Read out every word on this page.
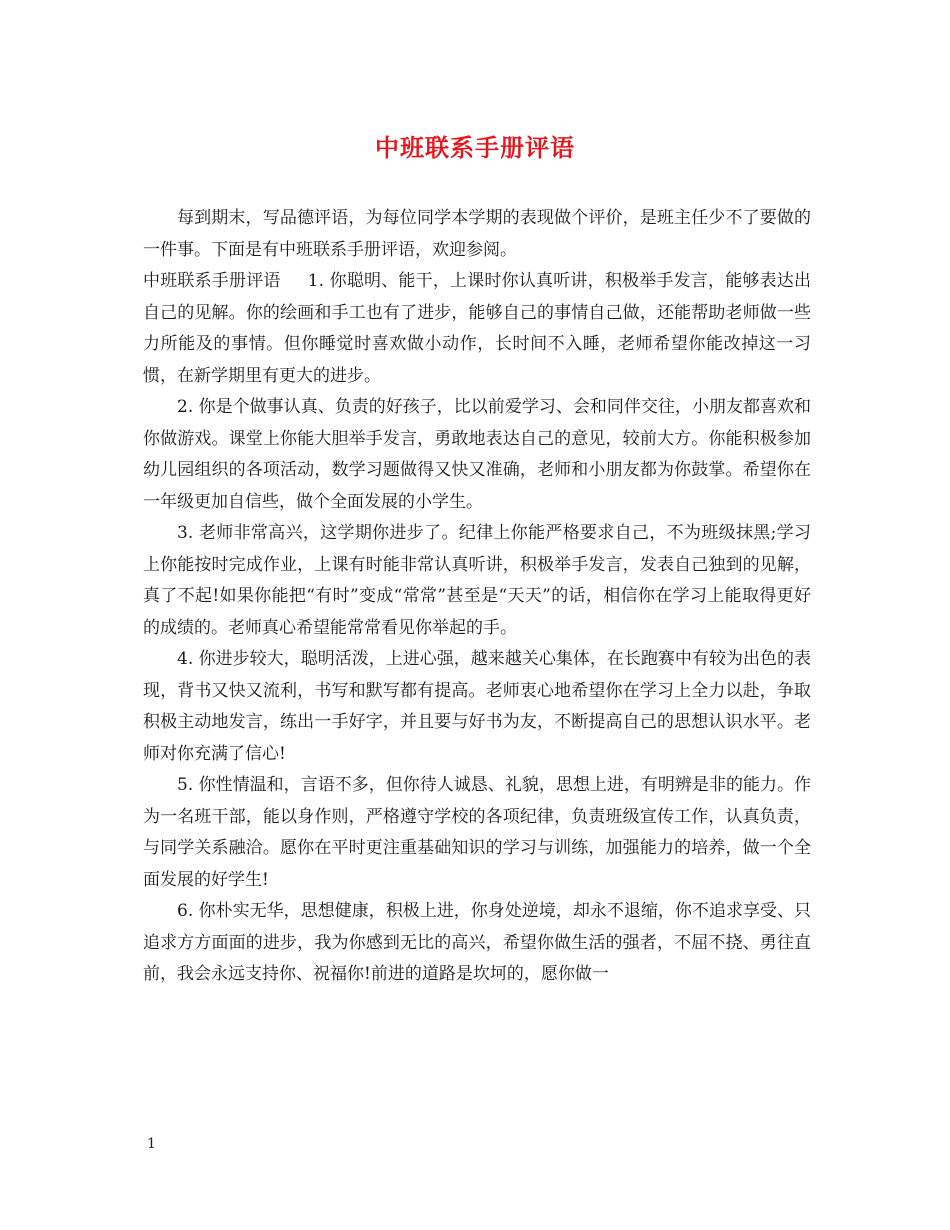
中班联系手册评语

每到期末，写品德评语，为每位同学本学期的表现做个评价，是班主任少不了要做的一件事。下面是有中班联系手册评语，欢迎参阅。

中班联系手册评语 1. 你聪明、能干，上课时你认真听讲，积极举手发言，能够表达出自己的见解。你的绘画和手工也有了进步，能够自己的事情自己做，还能帮助老师做一些力所能及的事情。但你睡觉时喜欢做小动作，长时间不入睡，老师希望你能改掉这一习惯，在新学期里有更大的进步。

2. 你是个做事认真、负责的好孩子，比以前爱学习、会和同伴交往，小朋友都喜欢和你做游戏。课堂上你能大胆举手发言，勇敢地表达自己的意见，较前大方。你能积极参加幼儿园组织的各项活动，数学习题做得又快又准确，老师和小朋友都为你鼓掌。希望你在一年级更加自信些，做个全面发展的小学生。

3. 老师非常高兴，这学期你进步了。纪律上你能严格要求自己，不为班级抹黑;学习上你能按时完成作业，上课有时能非常认真听讲，积极举手发言，发表自己独到的见解，真了不起!如果你能把“有时”变成“常常”甚至是“天天”的话，相信你在学习上能取得更好的成绩的。老师真心希望能常常看见你举起的手。

4. 你进步较大，聪明活泼，上进心强，越来越关心集体，在长跑赛中有较为出色的表现，背书又快又流利，书写和默写都有提高。老师衷心地希望你在学习上全力以赴，争取积极主动地发言，练出一手好字，并且要与好书为友，不断提高自己的思想认识水平。老师对你充满了信心!

5. 你性情温和，言语不多，但你待人诚恳、礼貌，思想上进，有明辨是非的能力。作为一名班干部，能以身作则，严格遵守学校的各项纪律，负责班级宣传工作，认真负责，与同学关系融洽。愿你在平时更注重基础知识的学习与训练，加强能力的培养，做一个全面发展的好学生!

6. 你朴实无华，思想健康，积极上进，你身处逆境，却永不退缩，你不追求享受、只追求方方面面的进步，我为你感到无比的高兴，希望你做生活的强者，不屈不挠、勇往直前，我会永远支持你、祝福你!前进的道路是坎坷的，愿你做一

1
